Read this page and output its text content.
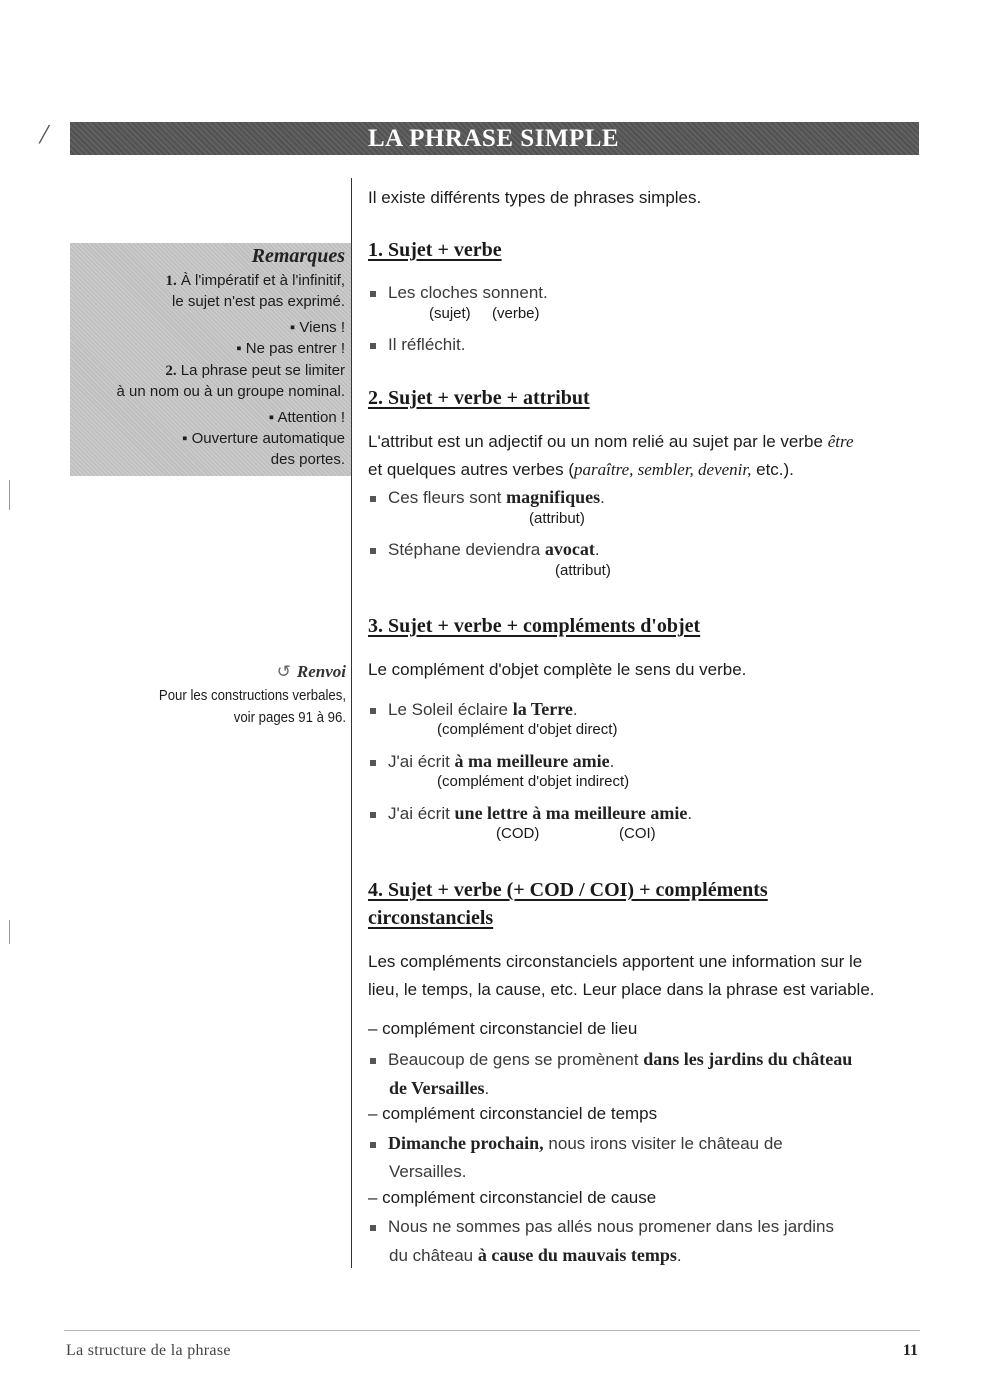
/	LA PHRASE SIMPLE
Il existe différents types de phrases simples.
Remarques
1. À l'impératif et à l'infinitif,
le sujet n'est pas exprimé.
▪ Viens !
▪ Ne pas entrer !
2. La phrase peut se limiter
à un nom ou à un groupe nominal.
▪ Attention !
▪ Ouverture automatique
des portes.
↺ Renvoi
Pour les constructions verbales,
voir pages 91 à 96.
1. Sujet + verbe
Les cloches sonnent.
(sujet) (verbe)
Il réfléchit.
2. Sujet + verbe + attribut
L'attribut est un adjectif ou un nom relié au sujet par le verbe être
et quelques autres verbes (paraître, sembler, devenir, etc.).
Ces fleurs sont magnifiques.
(attribut)
Stéphane deviendra avocat.
(attribut)
3. Sujet + verbe + compléments d'objet
Le complément d'objet complète le sens du verbe.
Le Soleil éclaire la Terre.
(complément d'objet direct)
J'ai écrit à ma meilleure amie.
(complément d'objet indirect)
J'ai écrit une lettre à ma meilleure amie.
(COD)	(COI)
4. Sujet + verbe (+ COD / COI) + compléments
circonstanciels
Les compléments circonstanciels apportent une information sur le
lieu, le temps, la cause, etc. Leur place dans la phrase est variable.
– complément circonstanciel de lieu
Beaucoup de gens se promènent dans les jardins du château
de Versailles.
– complément circonstanciel de temps
Dimanche prochain, nous irons visiter le château de
Versailles.
– complément circonstanciel de cause
Nous ne sommes pas allés nous promener dans les jardins
du château à cause du mauvais temps.
La structure de la phrase	11
